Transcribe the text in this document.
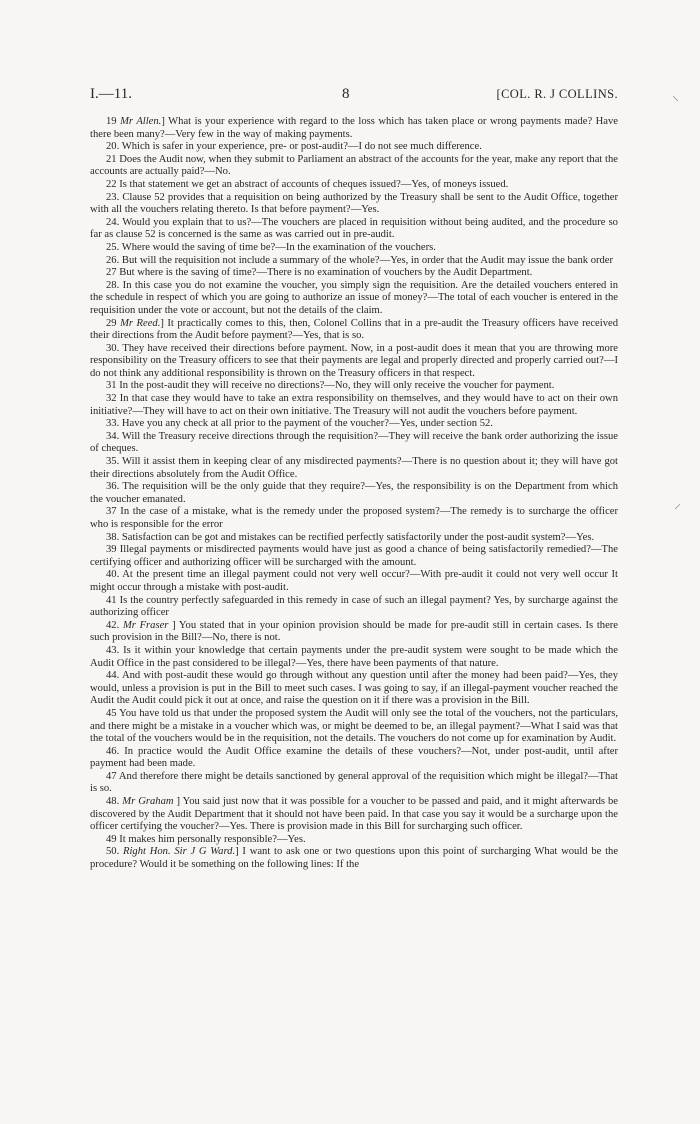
I.—11.	8	[COL. R. J COLLINS.

19 Mr Allen.] What is your experience with regard to the loss which has taken place or wrong payments made? Have there been many?—Very few in the way of making payments.

20. Which is safer in your experience, pre- or post-audit?—I do not see much difference.

21 Does the Audit now, when they submit to Parliament an abstract of the accounts for the year, make any report that the accounts are actually paid?—No.

22 Is that statement we get an abstract of accounts of cheques issued?—Yes, of moneys issued.

23. Clause 52 provides that a requisition on being authorized by the Treasury shall be sent to the Audit Office, together with all the vouchers relating thereto. Is that before payment?—Yes.

24. Would you explain that to us?—The vouchers are placed in requisition without being audited, and the procedure so far as clause 52 is concerned is the same as was carried out in pre-audit.

25. Where would the saving of time be?—In the examination of the vouchers.

26. But will the requisition not include a summary of the whole?—Yes, in order that the Audit may issue the bank order

27 But where is the saving of time?—There is no examination of vouchers by the Audit Department.

28. In this case you do not examine the voucher, you simply sign the requisition. Are the detailed vouchers entered in the schedule in respect of which you are going to authorize an issue of money?—The total of each voucher is entered in the requisition under the vote or account, but not the details of the claim.

29 Mr Reed.] It practically comes to this, then, Colonel Collins that in a pre-audit the Treasury officers have received their directions from the Audit before payment?—Yes, that is so.

30. They have received their directions before payment. Now, in a post-audit does it mean that you are throwing more responsibility on the Treasury officers to see that their payments are legal and properly directed and properly carried out?—I do not think any additional responsibility is thrown on the Treasury officers in that respect.

31 In the post-audit they will receive no directions?—No, they will only receive the voucher for payment.

32 In that case they would have to take an extra responsibility on themselves, and they would have to act on their own initiative?—They will have to act on their own initiative. The Treasury will not audit the vouchers before payment.

33. Have you any check at all prior to the payment of the voucher?—Yes, under section 52.

34. Will the Treasury receive directions through the requisition?—They will receive the bank order authorizing the issue of cheques.

35. Will it assist them in keeping clear of any misdirected payments?—There is no question about it; they will have got their directions absolutely from the Audit Office.

36. The requisition will be the only guide that they require?—Yes, the responsibility is on the Department from which the voucher emanated.

37 In the case of a mistake, what is the remedy under the proposed system?—The remedy is to surcharge the officer who is responsible for the error

38. Satisfaction can be got and mistakes can be rectified perfectly satisfactorily under the post-audit system?—Yes.

39 Illegal payments or misdirected payments would have just as good a chance of being satisfactorily remedied?—The certifying officer and authorizing officer will be surcharged with the amount.

40. At the present time an illegal payment could not very well occur?—With pre-audit it could not very well occur It might occur through a mistake with post-audit.

41 Is the country perfectly safeguarded in this remedy in case of such an illegal payment? Yes, by surcharge against the authorizing officer

42. Mr Fraser ] You stated that in your opinion provision should be made for pre-audit still in certain cases. Is there such provision in the Bill?—No, there is not.

43. Is it within your knowledge that certain payments under the pre-audit system were sought to be made which the Audit Office in the past considered to be illegal?—Yes, there have been payments of that nature.

44. And with post-audit these would go through without any question until after the money had been paid?—Yes, they would, unless a provision is put in the Bill to meet such cases. I was going to say, if an illegal-payment voucher reached the Audit the Audit could pick it out at once, and raise the question on it if there was a provision in the Bill.

45 You have told us that under the proposed system the Audit will only see the total of the vouchers, not the particulars, and there might be a mistake in a voucher which was, or might be deemed to be, an illegal payment?—What I said was that the total of the vouchers would be in the requisition, not the details. The vouchers do not come up for examination by Audit.

46. In practice would the Audit Office examine the details of these vouchers?—Not, under post-audit, until after payment had been made.

47 And therefore there might be details sanctioned by general approval of the requisition which might be illegal?—That is so.

48. Mr Graham ] You said just now that it was possible for a voucher to be passed and paid, and it might afterwards be discovered by the Audit Department that it should not have been paid. In that case you say it would be a surcharge upon the officer certifying the voucher?—Yes. There is provision made in this Bill for surcharging such officer.

49 It makes him personally responsible?—Yes.

50. Right Hon. Sir J G Ward.] I want to ask one or two questions upon this point of surcharging What would be the procedure? Would it be something on the following lines: If the

⸌
⸍
